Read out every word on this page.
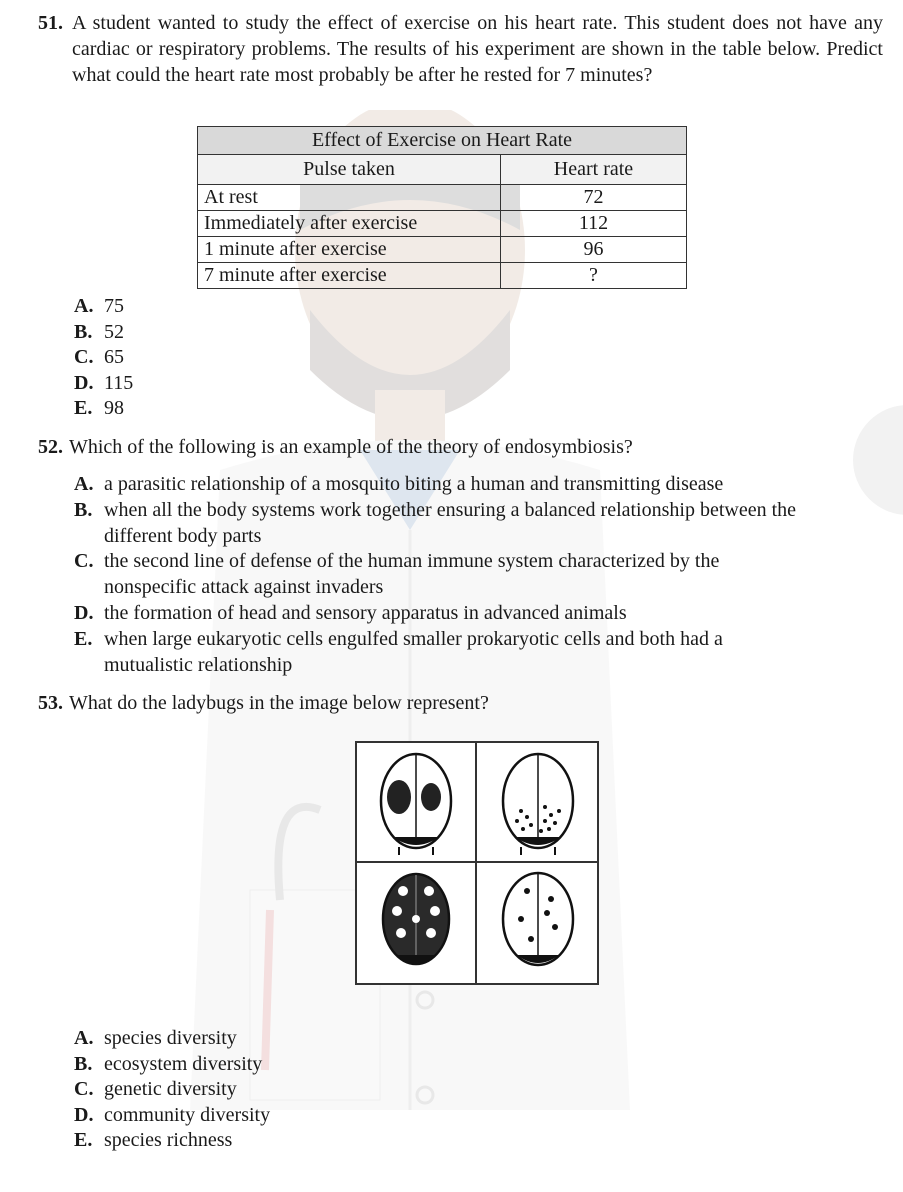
51. A student wanted to study the effect of exercise on his heart rate. This student does not have any cardiac or respiratory problems. The results of his experiment are shown in the table below. Predict what could the heart rate most probably be after he rested for 7 minutes?
Effect of Exercise on Heart Rate	
Pulse taken	Heart rate
At rest	72
Immediately after exercise	112
1 minute after exercise	96
7 minute after exercise	?
A. 75
B. 52
C. 65
D. 115
E. 98
52. Which of the following is an example of the theory of endosymbiosis?
A. a parasitic relationship of a mosquito biting a human and transmitting disease
B. when all the body systems work together ensuring a balanced relationship between the different body parts
C. the second line of defense of the human immune system characterized by the nonspecific attack against invaders
D. the formation of head and sensory apparatus in advanced animals
E. when large eukaryotic cells engulfed smaller prokaryotic cells and both had a mutualistic relationship
53. What do the ladybugs in the image below represent?
A. species diversity
B. ecosystem diversity
C. genetic diversity
D. community diversity
E. species richness
